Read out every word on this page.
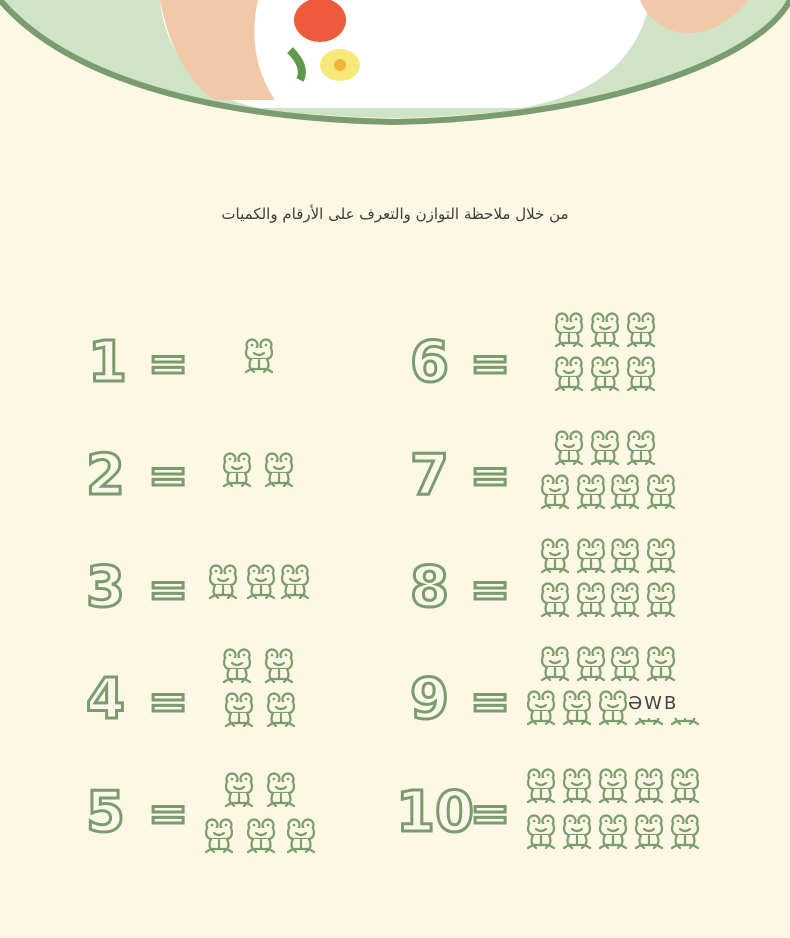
من خلال ملاحظة التوازن والتعرف على الأرقام والكميات
1 =
2 =
3 =
4 =
5 =
6 =
7 =
8 =
9 =
10
=
ƏWB
